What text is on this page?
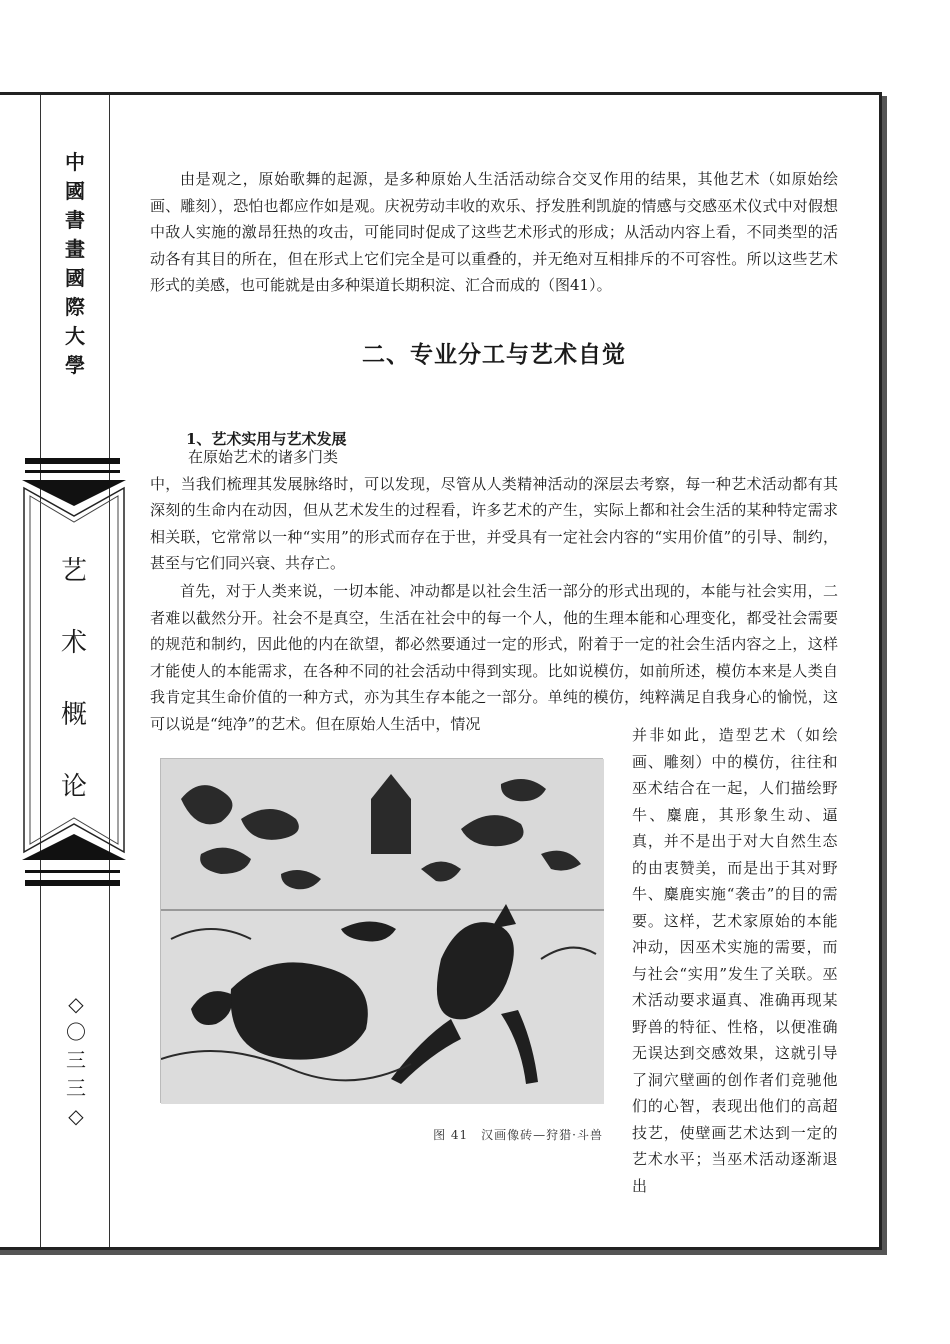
中
國
書
畫
國
際
大
學
艺
术
概
论
◇
〇
三
三
◇

由是观之，原始歌舞的起源，是多种原始人生活活动综合交叉作用的结果，其他艺术（如原始绘画、雕刻），恐怕也都应作如是观。庆祝劳动丰收的欢乐、抒发胜利凯旋的情感与交感巫术仪式中对假想中敌人实施的激昂狂热的攻击，可能同时促成了这些艺术形式的形成；从活动内容上看，不同类型的活动各有其目的所在，但在形式上它们完全是可以重叠的，并无绝对互相排斥的不可容性。所以这些艺术形式的美感，也可能就是由多种渠道长期积淀、汇合而成的（图41）。

二、专业分工与艺术自觉
1、艺术实用与艺术发展
在原始艺术的诸多门类

中，当我们梳理其发展脉络时，可以发现，尽管从人类精神活动的深层去考察，每一种艺术活动都有其深刻的生命内在动因，但从艺术发生的过程看，许多艺术的产生，实际上都和社会生活的某种特定需求相关联，它常常以一种“实用”的形式而存在于世，并受具有一定社会内容的“实用价值”的引导、制约，甚至与它们同兴衰、共存亡。

首先，对于人类来说，一切本能、冲动都是以社会生活一部分的形式出现的，本能与社会实用，二者难以截然分开。社会不是真空，生活在社会中的每一个人，他的生理本能和心理变化，都受社会需要的规范和制约，因此他的内在欲望，都必然要通过一定的形式，附着于一定的社会生活内容之上，这样才能使人的本能需求，在各种不同的社会活动中得到实现。比如说模仿，如前所述，模仿本来是人类自我肯定其生命价值的一种方式，亦为其生存本能之一部分。单纯的模仿，纯粹满足自我身心的愉悦，这可以说是“纯净”的艺术。但在原始人生活中，情况

图 41　汉画像砖—狩猎·斗兽
并非如此，造型艺术（如绘画、雕刻）中的模仿，往往和巫术结合在一起，人们描绘野牛、麋鹿，其形象生动、逼真，并不是出于对大自然生态的由衷赞美，而是出于其对野牛、麋鹿实施“袭击”的目的需要。这样，艺术家原始的本能冲动，因巫术实施的需要，而与社会“实用”发生了关联。巫术活动要求逼真、准确再现某野兽的特征、性格，以便准确无误达到交感效果，这就引导了洞穴壁画的创作者们竞驰他们的心智，表现出他们的高超技艺，使壁画艺术达到一定的艺术水平；当巫术活动逐渐退出
